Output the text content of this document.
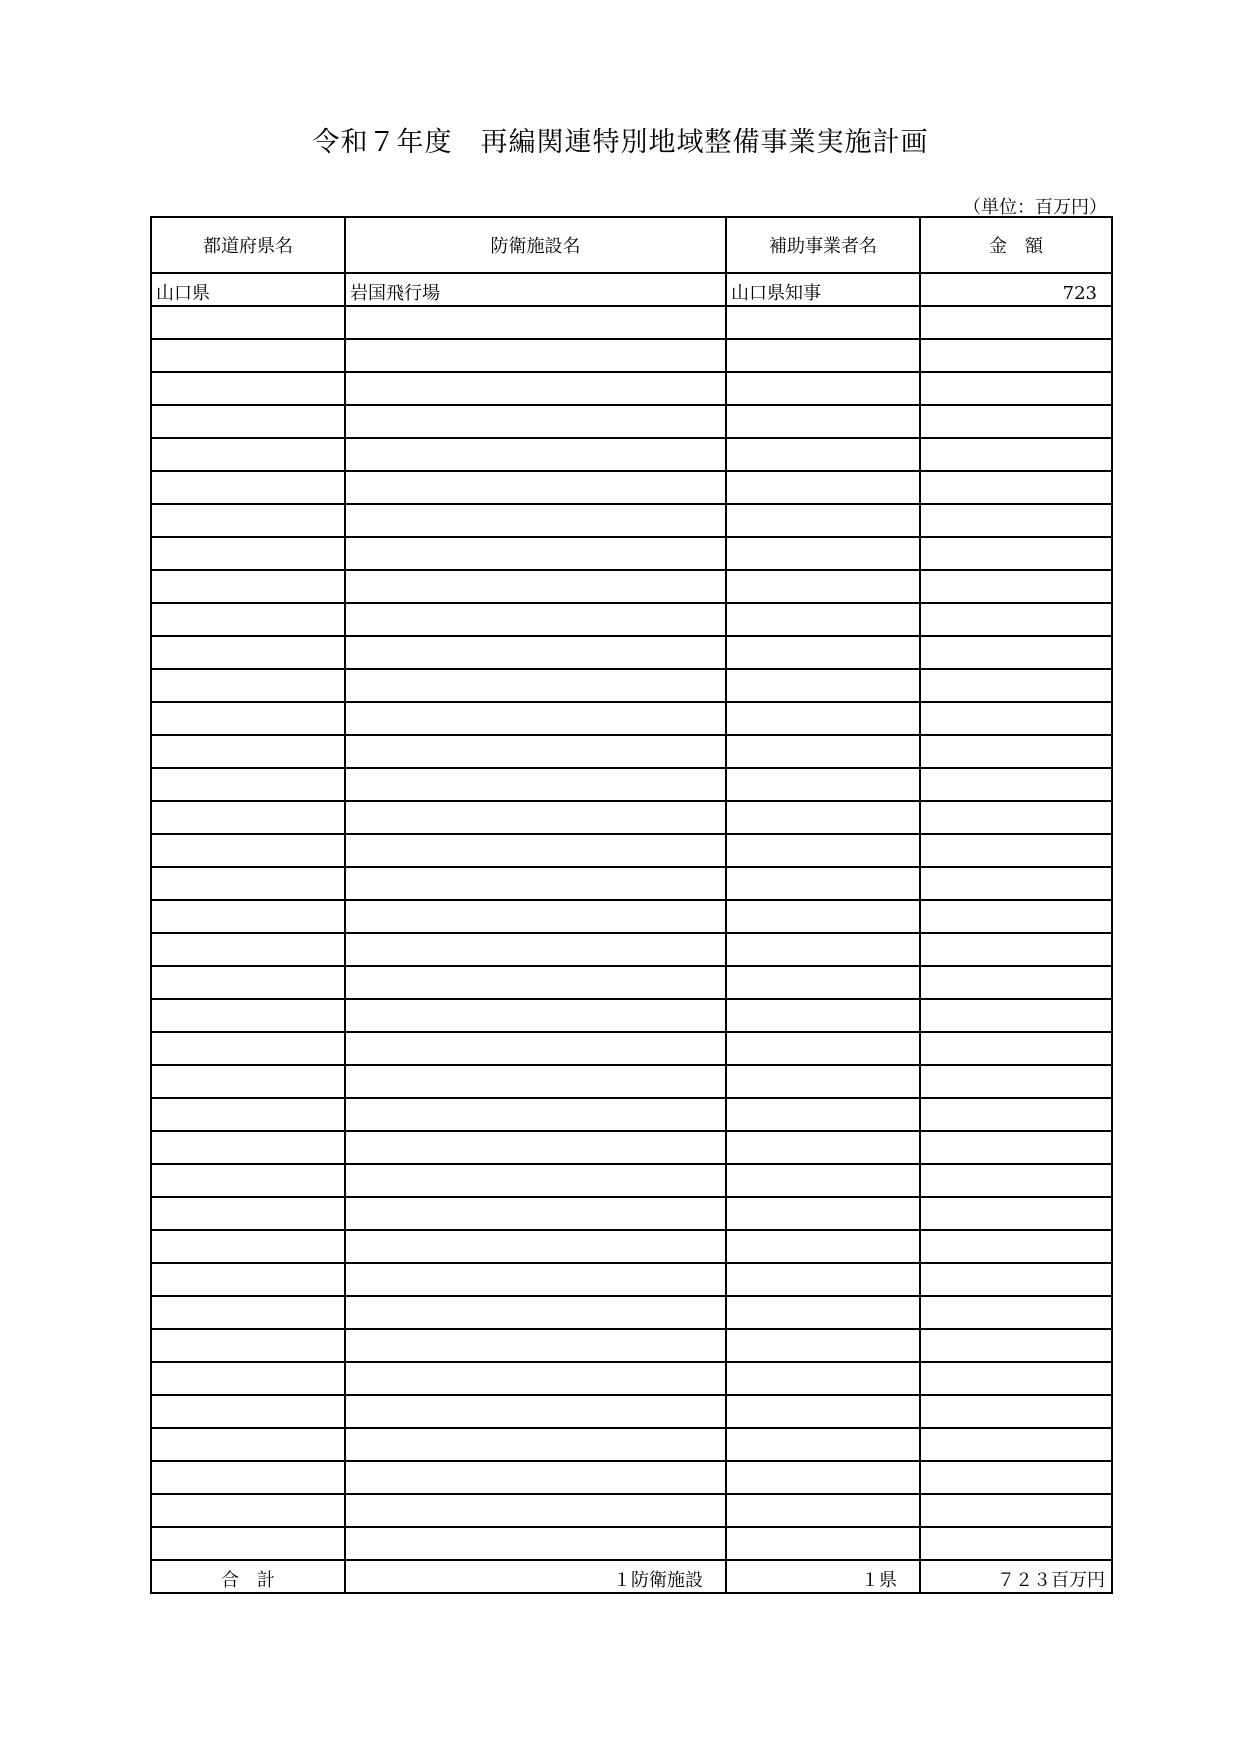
令和７年度　再編関連特別地域整備事業実施計画
（単位：百万円）
都道府県名	防衛施設名	補助事業者名	金　額
山口県	岩国飛行場	山口県知事	723

合　計	１防衛施設	１県	７２３百万円
